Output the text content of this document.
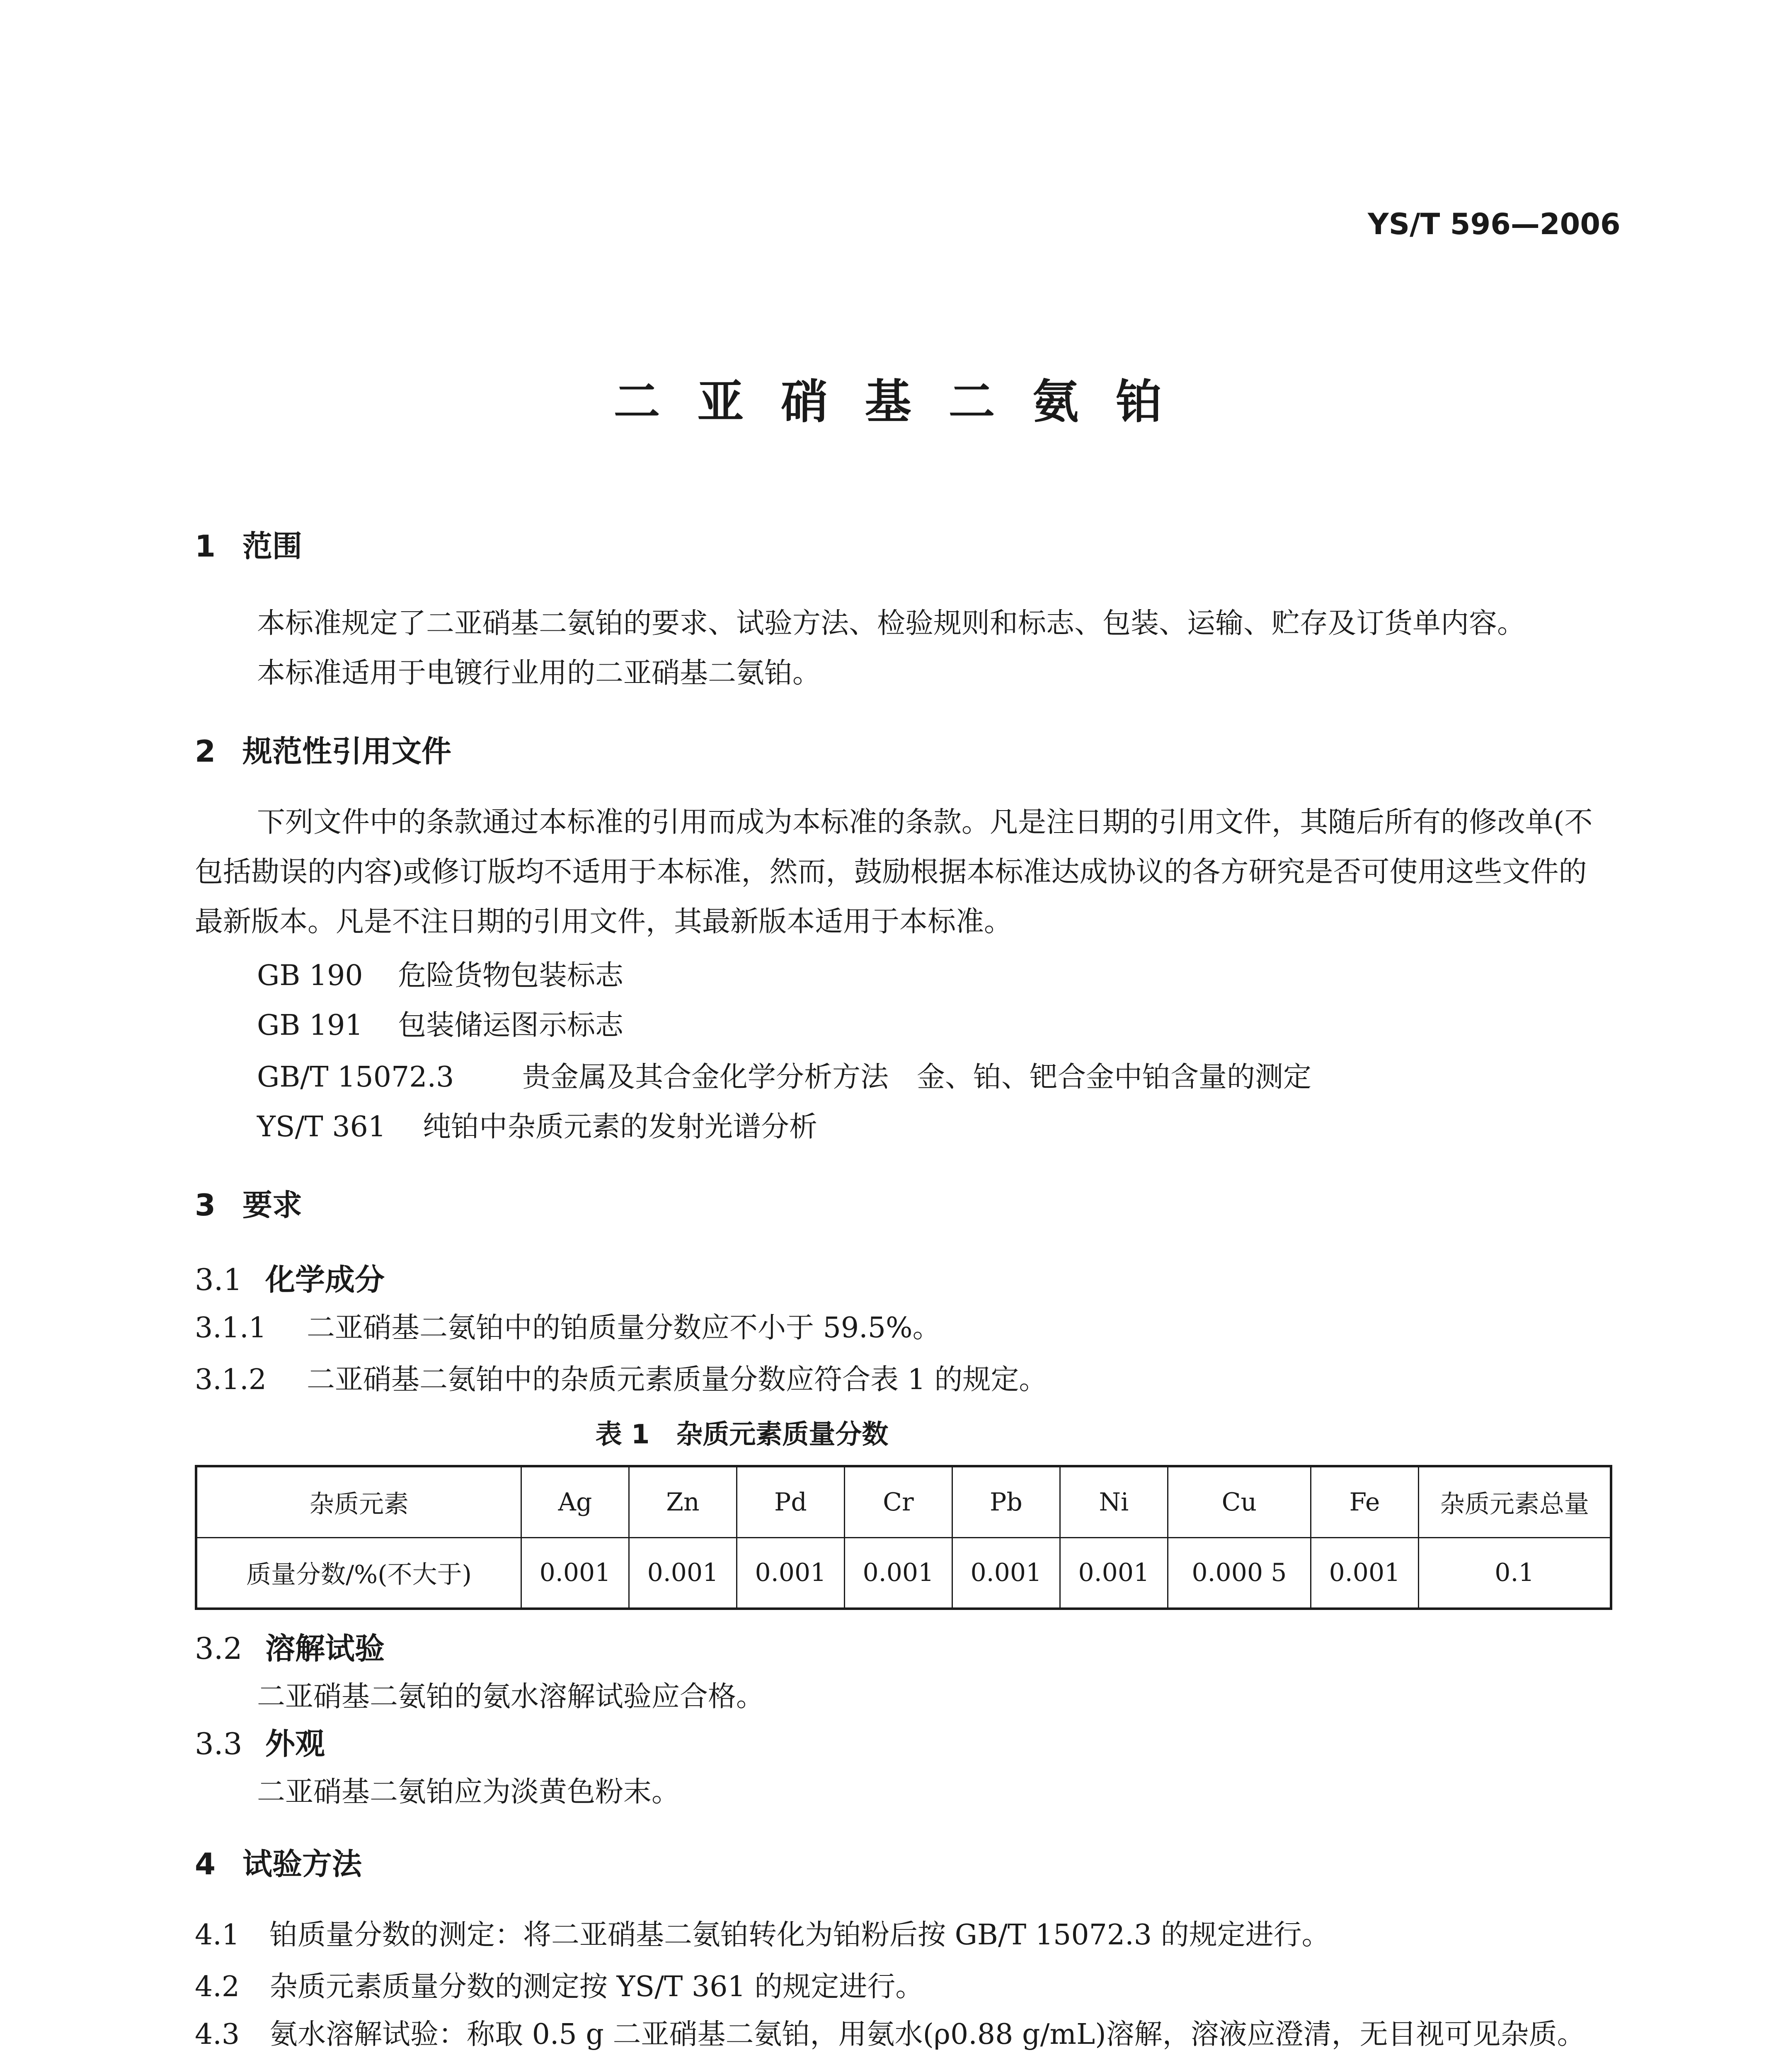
YS/T 596—2006
二亚硝基二氨铂
1 范围
本标准规定了二亚硝基二氨铂的要求、试验方法、检验规则和标志、包装、运输、贮存及订货单内容。
本标准适用于电镀行业用的二亚硝基二氨铂。
2 规范性引用文件
下列文件中的条款通过本标准的引用而成为本标准的条款。凡是注日期的引用文件，其随后所有的修改单(不包括勘误的内容)或修订版均不适用于本标准，然而，鼓励根据本标准达成协议的各方研究是否可使用这些文件的最新版本。凡是不注日期的引用文件，其最新版本适用于本标准。
GB 190 危险货物包装标志
GB 191 包装储运图示标志
GB/T 15072.3 贵金属及其合金化学分析方法　金、铂、钯合金中铂含量的测定
YS/T 361 纯铂中杂质元素的发射光谱分析
3 要求
3.1 化学成分
3.1.1 二亚硝基二氨铂中的铂质量分数应不小于 59.5%。
3.1.2 二亚硝基二氨铂中的杂质元素质量分数应符合表 1 的规定。
表 1　杂质元素质量分数
杂质元素	Ag	Zn	Pd	Cr	Pb	Ni	Cu	Fe	杂质元素总量
质量分数/%(不大于)	0.001	0.001	0.001	0.001	0.001	0.001	0.000 5	0.001	0.1
3.2 溶解试验
二亚硝基二氨铂的氨水溶解试验应合格。
3.3 外观
二亚硝基二氨铂应为淡黄色粉末。
4 试验方法
4.1 铂质量分数的测定：将二亚硝基二氨铂转化为铂粉后按 GB/T 15072.3 的规定进行。
4.2 杂质元素质量分数的测定按 YS/T 361 的规定进行。
4.3 氨水溶解试验：称取 0.5 g 二亚硝基二氨铂，用氨水(ρ0.88 g/mL)溶解，溶液应澄清，无目视可见杂质。
